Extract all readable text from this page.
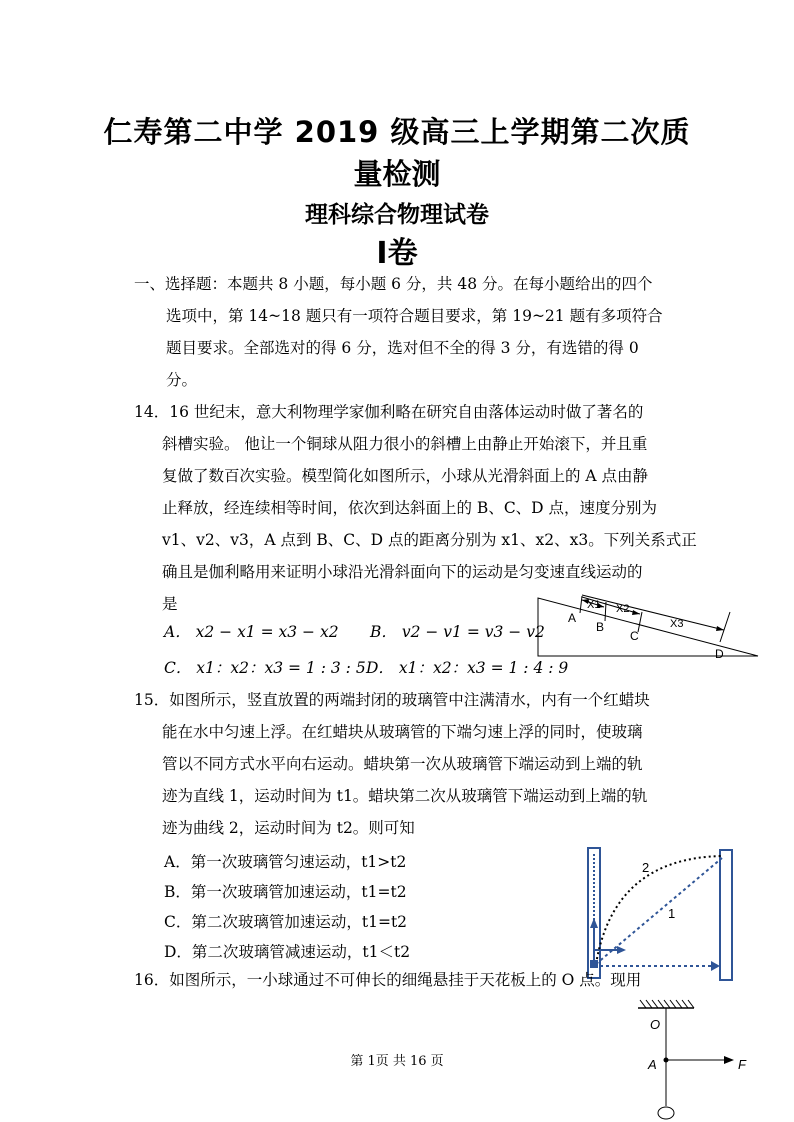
仁寿第二中学 2019 级高三上学期第二次质
量检测
理科综合物理试卷
Ⅰ卷
一、选择题：本题共 8 小题，每小题 6 分，共 48 分。在每小题给出的四个
选项中，第 14~18 题只有一项符合题目要求，第 19~21 题有多项符合
题目要求。全部选对的得 6 分，选对但不全的得 3 分，有选错的得 0
分。
14．16 世纪末，意大利物理学家伽利略在研究自由落体运动时做了著名的
斜槽实验。 他让一个铜球从阻力很小的斜槽上由静止开始滚下，并且重
复做了数百次实验。模型简化如图所示，小球从光滑斜面上的 A 点由静
止释放，经连续相等时间，依次到达斜面上的 B、C、D 点，速度分别为
v1、v2、v3，A 点到 B、C、D 点的距离分别为 x1、x2、x3。下列关系式正
确且是伽利略用来证明小球沿光滑斜面向下的运动是匀变速直线运动的
是
A． x2 − x1 = x3 − x2 B． v2 − v1 = v3 − v2
C． x1：x2：x3 = 1 : 3 : 5 D． x1：x2：x3 = 1 : 4 : 9
A
B
C
D
X1 X2
X3
15．如图所示，竖直放置的两端封闭的玻璃管中注满清水，内有一个红蜡块
能在水中匀速上浮。在红蜡块从玻璃管的下端匀速上浮的同时，使玻璃
管以不同方式水平向右运动。蜡块第一次从玻璃管下端运动到上端的轨
迹为直线 1，运动时间为 t1。蜡块第二次从玻璃管下端运动到上端的轨
迹为曲线 2，运动时间为 t2。则可知
A．第一次玻璃管匀速运动，t1>t2
B．第一次玻璃管加速运动，t1=t2
C．第二次玻璃管加速运动，t1=t2
D．第二次玻璃管减速运动，t1＜t2
2
1
16．如图所示，一小球通过不可伸长的细绳悬挂于天花板上的 O 点。现用
O
A	F
第 1页 共 16 页
